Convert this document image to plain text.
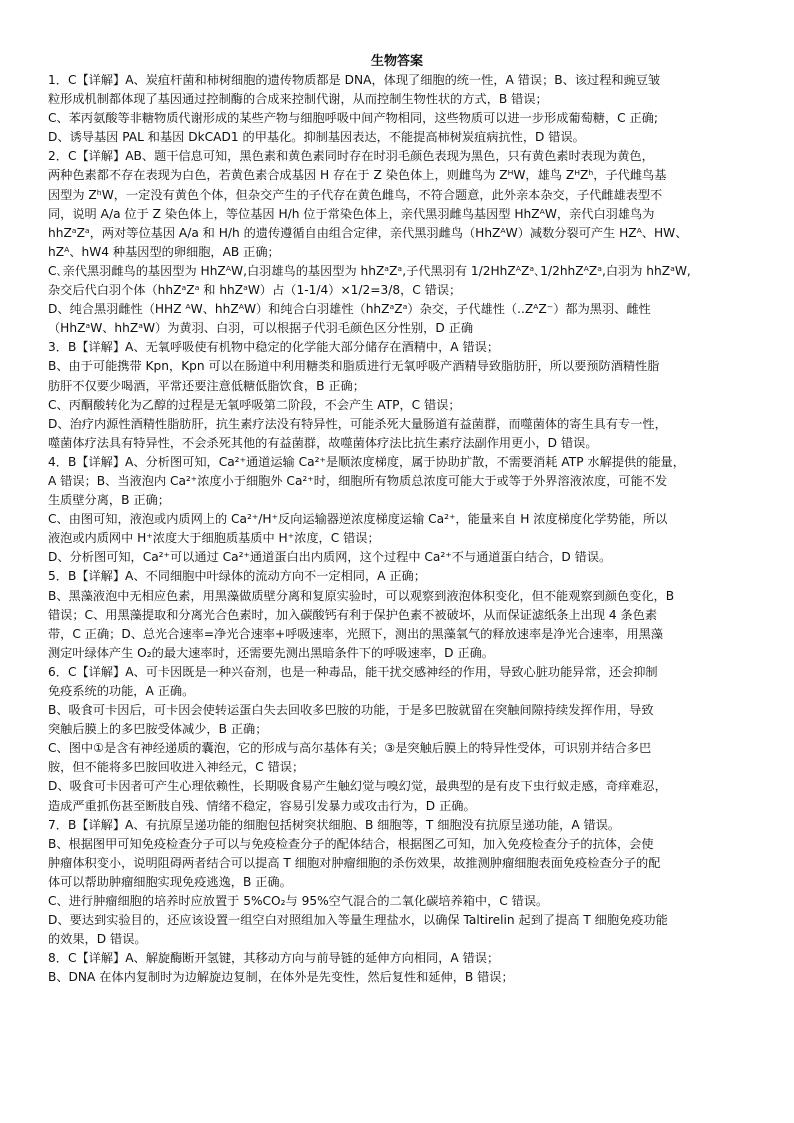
生物答案
1．C【详解】A、炭疽杆菌和柿树细胞的遗传物质都是 DNA，体现了细胞的统一性，A 错误；B、该过程和豌豆皱
粒形成机制都体现了基因通过控制酶的合成来控制代谢，从而控制生物性状的方式，B 错误；
C、苯丙氨酸等非糖物质代谢形成的某些产物与细胞呼吸中间产物相同，这些物质可以进一步形成葡萄糖，C 正确;
D、诱导基因 PAL 和基因 DkCAD1 的甲基化。抑制基因表达，不能提高柿树炭疽病抗性，D 错误。
2．C【详解】AB、题干信息可知，黑色素和黄色素同时存在时羽毛颜色表现为黑色，只有黄色素时表现为黄色，
两种色素都不存在表现为白色，若黄色素合成基因 H 存在于 Z 染色体上，则雌鸟为 ZᴴW，雄鸟 ZᴴZʰ，子代雌鸟基
因型为 ZʰW，一定没有黄色个体，但杂交产生的子代存在黄色雌鸟，不符合题意，此外亲本杂交，子代雌雄表型不
同，说明 A/a 位于 Z 染色体上，等位基因 H/h 位于常染色体上，亲代黑羽雌鸟基因型 HhZᴬW，亲代白羽雄鸟为
hhZᵃZᵃ，两对等位基因 A/a 和 H/h 的遗传遵循自由组合定律，亲代黑羽雌鸟（HhZᴬW）减数分裂可产生 HZᴬ、HW、
hZᴬ、hW4 种基因型的卵细胞，AB 正确；
C､亲代黑羽雌鸟的基因型为 HhZᴬW,白羽雄鸟的基因型为 hhZᵃZᵃ,子代黑羽有 1/2HhZᴬZᵃ､1/2hhZᴬZᵃ,白羽为 hhZᵃW,
杂交后代白羽个体（hhZᵃZᵃ 和 hhZᵃW）占（1-1/4）×1/2=3/8，C 错误；
D、纯合黑羽雌性（HHZ ᴬW、hhZᴬW）和纯合白羽雄性（hhZᵃZᵃ）杂交，子代雄性（..ZᴬZ⁻）都为黑羽、雌性
（HhZᵃW、hhZᵃW）为黄羽、白羽，可以根据子代羽毛颜色区分性别，D 正确
3．B【详解】A、无氧呼吸使有机物中稳定的化学能大部分储存在酒精中，A 错误；
B、由于可能携带 Kpn，Kpn 可以在肠道中利用糖类和脂质进行无氧呼吸产酒精导致脂肪肝，所以要预防酒精性脂
肪肝不仅要少喝酒，平常还要注意低糖低脂饮食，B 正确；
C、丙酮酸转化为乙醇的过程是无氧呼吸第二阶段，不会产生 ATP，C 错误；
D、治疗内源性酒精性脂肪肝，抗生素疗法没有特异性，可能杀死大量肠道有益菌群，而噬菌体的寄生具有专一性，
噬菌体疗法具有特异性，不会杀死其他的有益菌群，故噬菌体疗法比抗生素疗法副作用更小，D 错误。
4．B【详解】A、分析图可知，Ca²⁺通道运输 Ca²⁺是顺浓度梯度，属于协助扩散，不需要消耗 ATP 水解提供的能量，
A 错误；B、当液泡内 Ca²⁺浓度小于细胞外 Ca²⁺时，细胞所有物质总浓度可能大于或等于外界溶液浓度，可能不发
生质壁分离，B 正确；
C、由图可知，液泡或内质网上的 Ca²⁺/H⁺反向运输器逆浓度梯度运输 Ca²⁺，能量来自 H 浓度梯度化学势能，所以
液泡或内质网中 H⁺浓度大于细胞质基质中 H⁺浓度，C 错误；
D、分析图可知，Ca²⁺可以通过 Ca²⁺通道蛋白出内质网，这个过程中 Ca²⁺不与通道蛋白结合，D 错误。
5．B【详解】A、不同细胞中叶绿体的流动方向不一定相同，A 正确；
B、黑藻液泡中无相应色素，用黑藻做质壁分离和复原实验时，可以观察到液泡体积变化，但不能观察到颜色变化，B
错误；C、用黑藻提取和分离光合色素时，加入碳酸钙有利于保护色素不被破坏，从而保证滤纸条上出现 4 条色素
带，C 正确；D、总光合速率=净光合速率+呼吸速率，光照下，测出的黑藻氧气的释放速率是净光合速率，用黑藻
测定叶绿体产生 O₂的最大速率时，还需要先测出黑暗条件下的呼吸速率，D 正确。
6．C【详解】A、可卡因既是一种兴奋剂，也是一种毒品，能干扰交感神经的作用，导致心脏功能异常，还会抑制
免疫系统的功能，A 正确。
B、吸食可卡因后，可卡因会使转运蛋白失去回收多巴胺的功能，于是多巴胺就留在突触间隙持续发挥作用，导致
突触后膜上的多巴胺受体减少，B 正确；
C、图中①是含有神经递质的囊泡，它的形成与高尔基体有关；③是突触后膜上的特异性受体，可识别并结合多巴
胺，但不能将多巴胺回收进入神经元，C 错误；
D、吸食可卡因者可产生心理依赖性，长期吸食易产生触幻觉与嗅幻觉，最典型的是有皮下虫行蚁走感，奇痒难忍，
造成严重抓伤甚至断肢自残、情绪不稳定，容易引发暴力或攻击行为，D 正确。
7．B【详解】A、有抗原呈递功能的细胞包括树突状细胞、B 细胞等，T 细胞没有抗原呈递功能，A 错误。
B、根据图甲可知免疫检查分子可以与免疫检查分子的配体结合，根据图乙可知，加入免疫检查分子的抗体，会使
肿瘤体积变小，说明阻碍两者结合可以提高 T 细胞对肿瘤细胞的杀伤效果，故推测肿瘤细胞表面免疫检查分子的配
体可以帮助肿瘤细胞实现免疫逃逸，B 正确。
C、进行肿瘤细胞的培养时应放置于 5%CO₂与 95%空气混合的二氧化碳培养箱中，C 错误。
D、要达到实验目的，还应该设置一组空白对照组加入等量生理盐水，以确保 Taltirelin 起到了提高 T 细胞免疫功能
的效果，D 错误。
8．C【详解】A、解旋酶断开氢键，其移动方向与前导链的延伸方向相同，A 错误；
B、DNA 在体内复制时为边解旋边复制，在体外是先变性，然后复性和延伸，B 错误；
